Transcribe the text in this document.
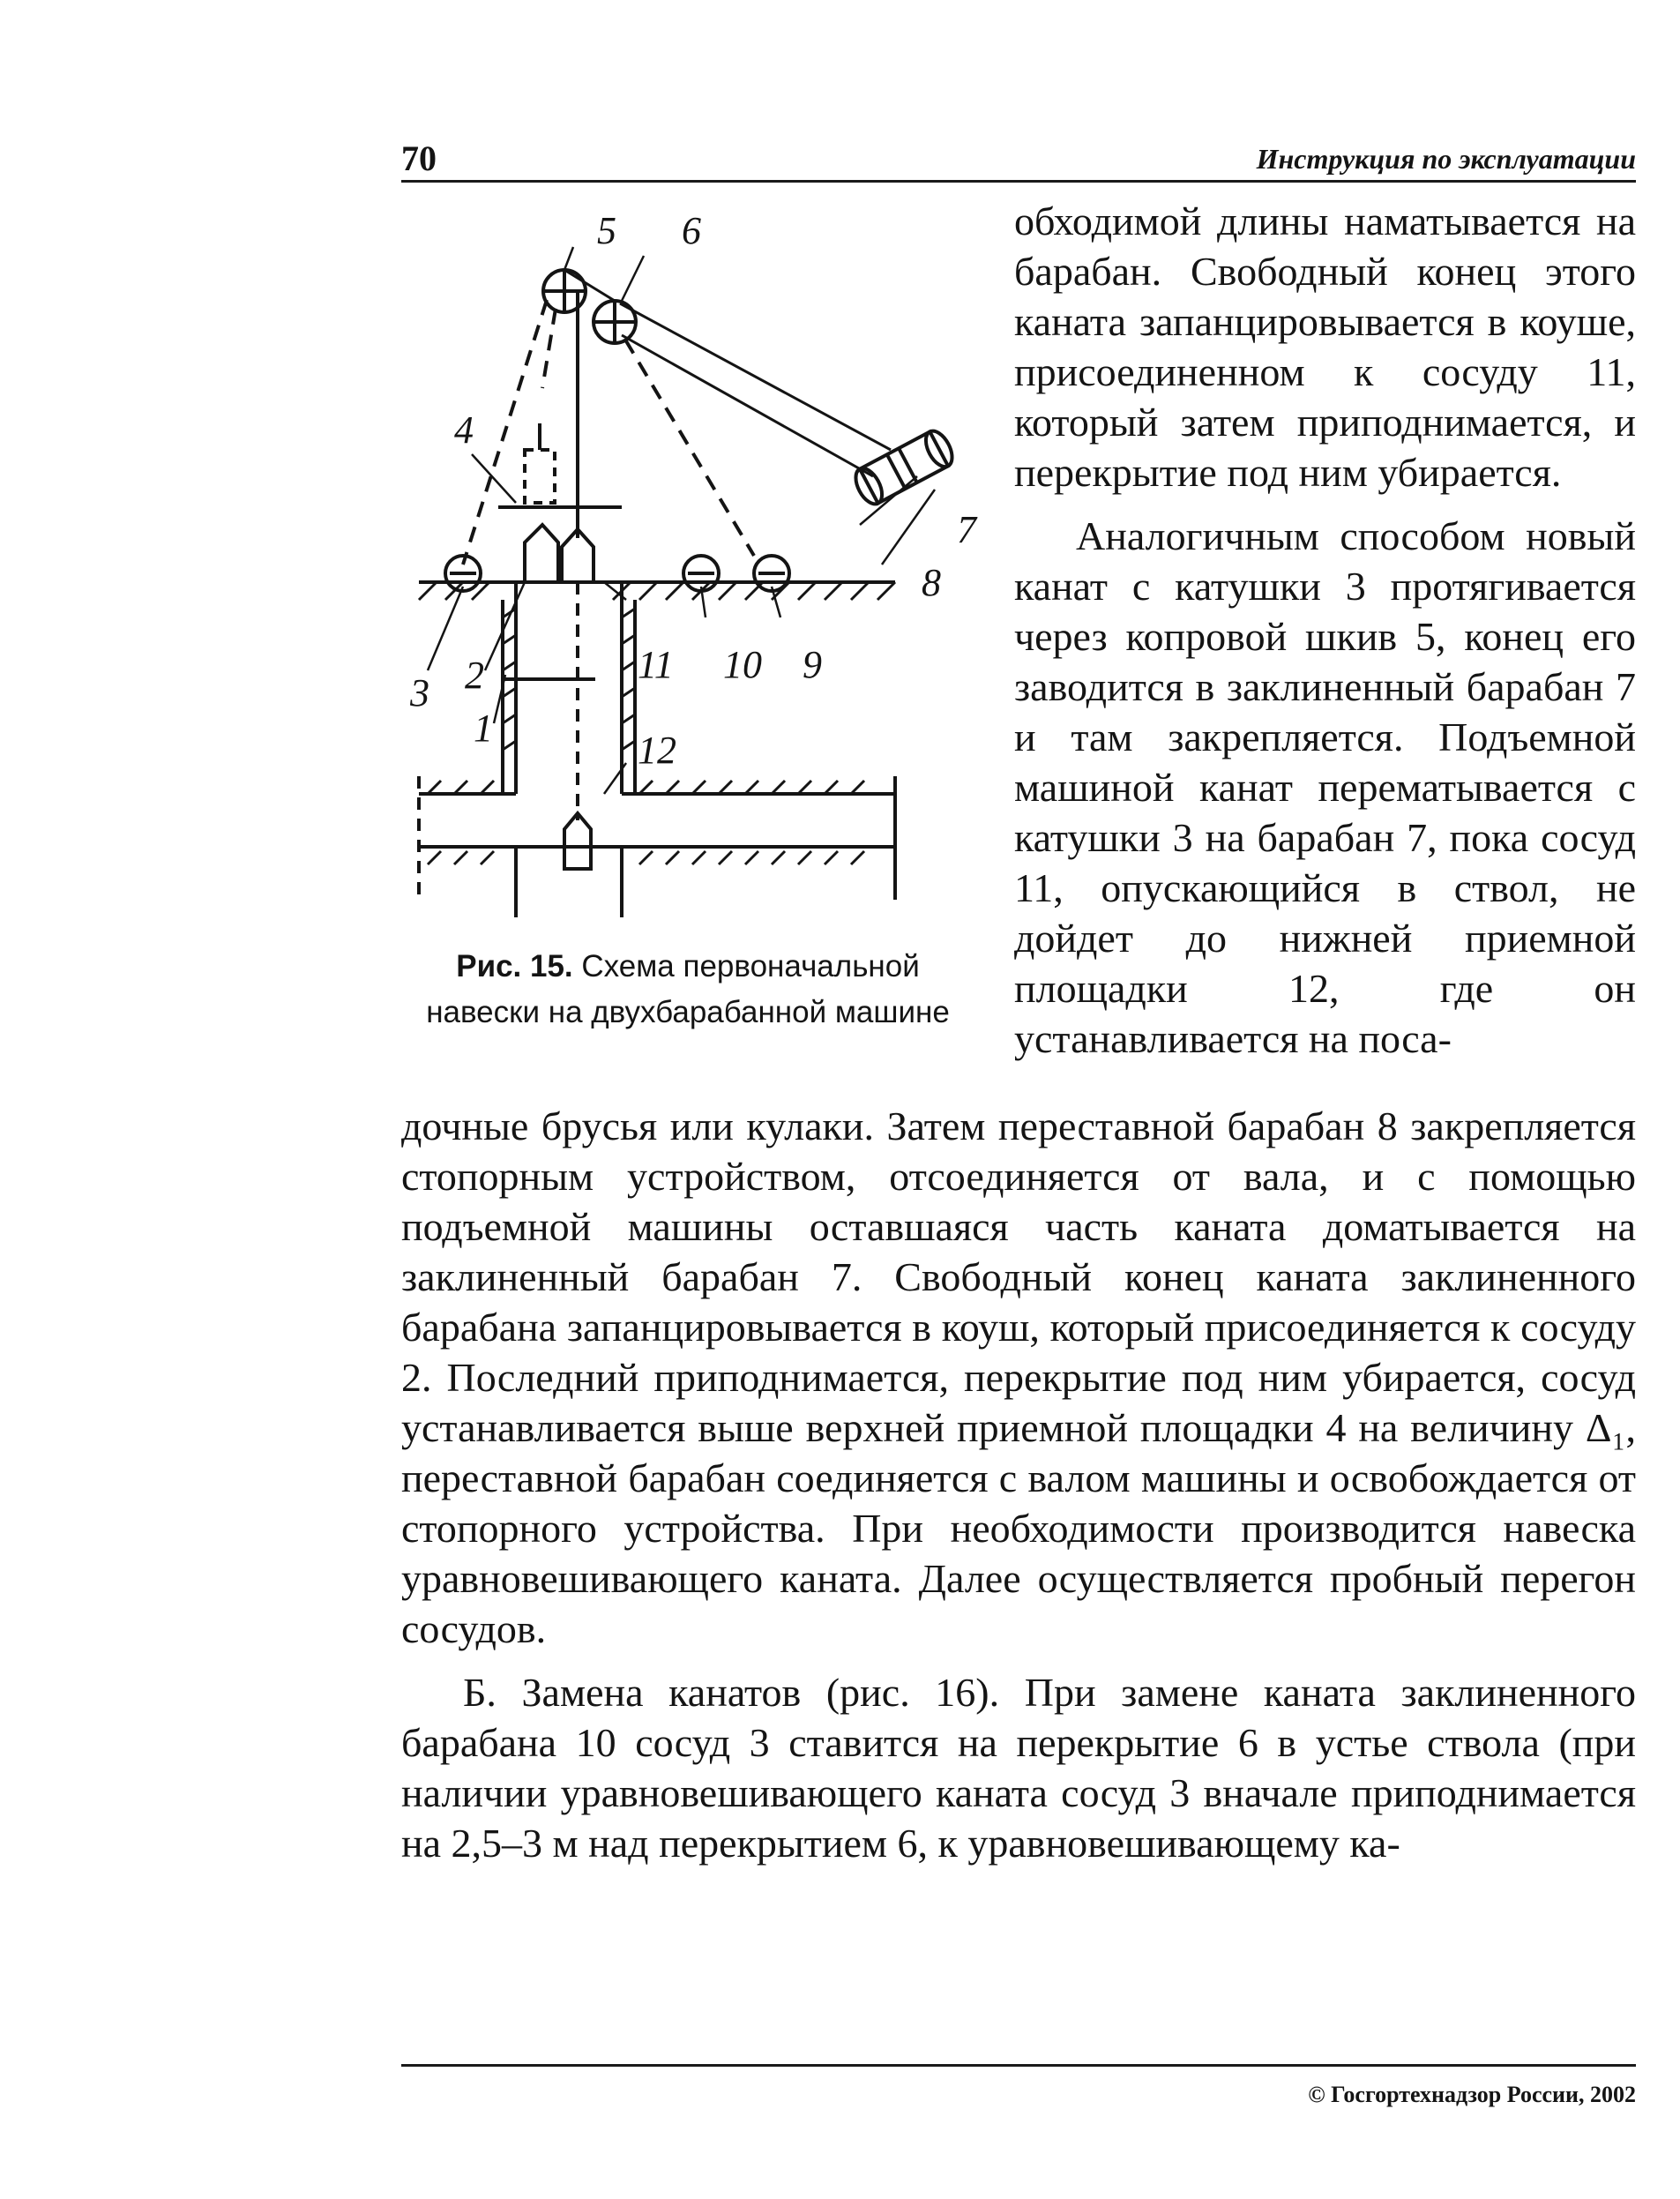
70	Инструкция по эксплуатации
5 6
4
7
8
3 2
1
11 10 9
12
Рис. 15. Схема первоначальной навески на двухбарабанной машине

обходимой длины наматывается на барабан. Свободный конец этого каната запанцировывается в коуше, присоединенном к сосуду 11, который затем приподнимается, и перекрытие под ним убирается.

Аналогичным способом новый канат с катушки 3 протягивается через копровой шкив 5, конец его заводится в заклиненный барабан 7 и там закрепляется. Подъемной машиной канат перематывается с катушки 3 на барабан 7, пока сосуд 11, опускающийся в ствол, не дойдет до нижней приемной площадки 12, где он устанавливается на поса-

дочные брусья или кулаки. Затем переставной барабан 8 закрепляется стопорным устройством, отсоединяется от вала, и с помощью подъемной машины оставшаяся часть каната доматывается на заклиненный барабан 7. Свободный конец каната заклиненного барабана запанцировывается в коуш, который присоединяется к сосуду 2. Последний приподнимается, перекрытие под ним убирается, сосуд устанавливается выше верхней приемной площадки 4 на величину Δ₁, переставной барабан соединяется с валом машины и освобождается от стопорного устройства. При необходимости производится навеска уравновешивающего каната. Далее осуществляется пробный перегон сосудов.

Б. Замена канатов (рис. 16). При замене каната заклиненного барабана 10 сосуд 3 ставится на перекрытие 6 в устье ствола (при наличии уравновешивающего каната сосуд 3 вначале приподнимается на 2,5–3 м над перекрытием 6, к уравновешивающему ка-

© Госгортехнадзор России, 2002
